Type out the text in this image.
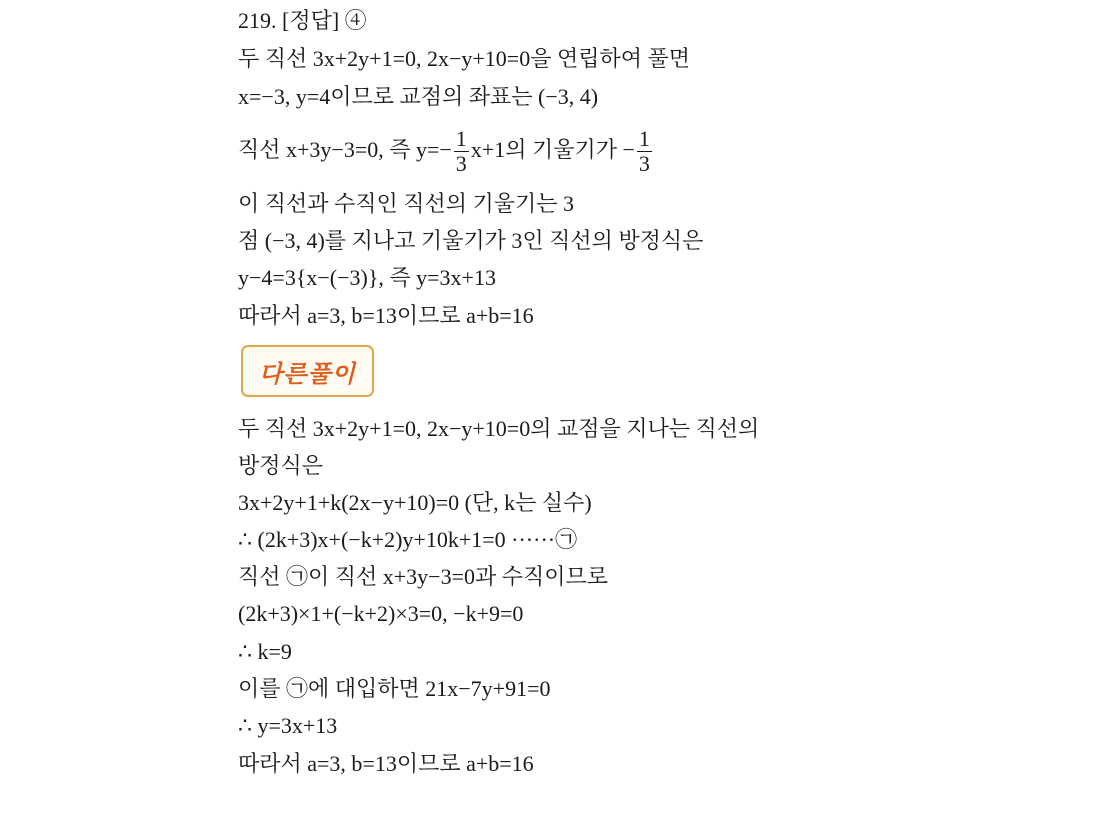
219. [정답] ④
두 직선 3x+2y+1=0, 2x−y+10=0을 연립하여 풀면
x=−3, y=4이므로 교점의 좌표는 (−3, 4)
직선 x+3y−3=0, 즉 $y=- \frac{1}{3} x+1$의 기울기가 − $\frac{1}{3}$
이 직선과 수직인 직선의 기울기는 3
점 (−3, 4)를 지나고 기울기가 3인 직선의 방정식은
y−4=3{x−(−3)}, 즉 y=3x+13
따라서 a=3, b=13이므로 a+b=16
다른풀이
두 직선 3x+2y+1=0, 2x−y+10=0의 교점을 지나는 직선의
방정식은
3x+2y+1+k(2x−y+10)=0 (단, k는 실수)
∴ (2k+3)x+(−k+2)y+10k+1=0 ······㉠
직선 ㉠이 직선 x+3y−3=0과 수직이므로
(2k+3)×1+(−k+2)×3=0, −k+9=0
∴ k=9
이를 ㉠에 대입하면 21x−7y+91=0
∴ y=3x+13
따라서 a=3, b=13이므로 a+b=16
